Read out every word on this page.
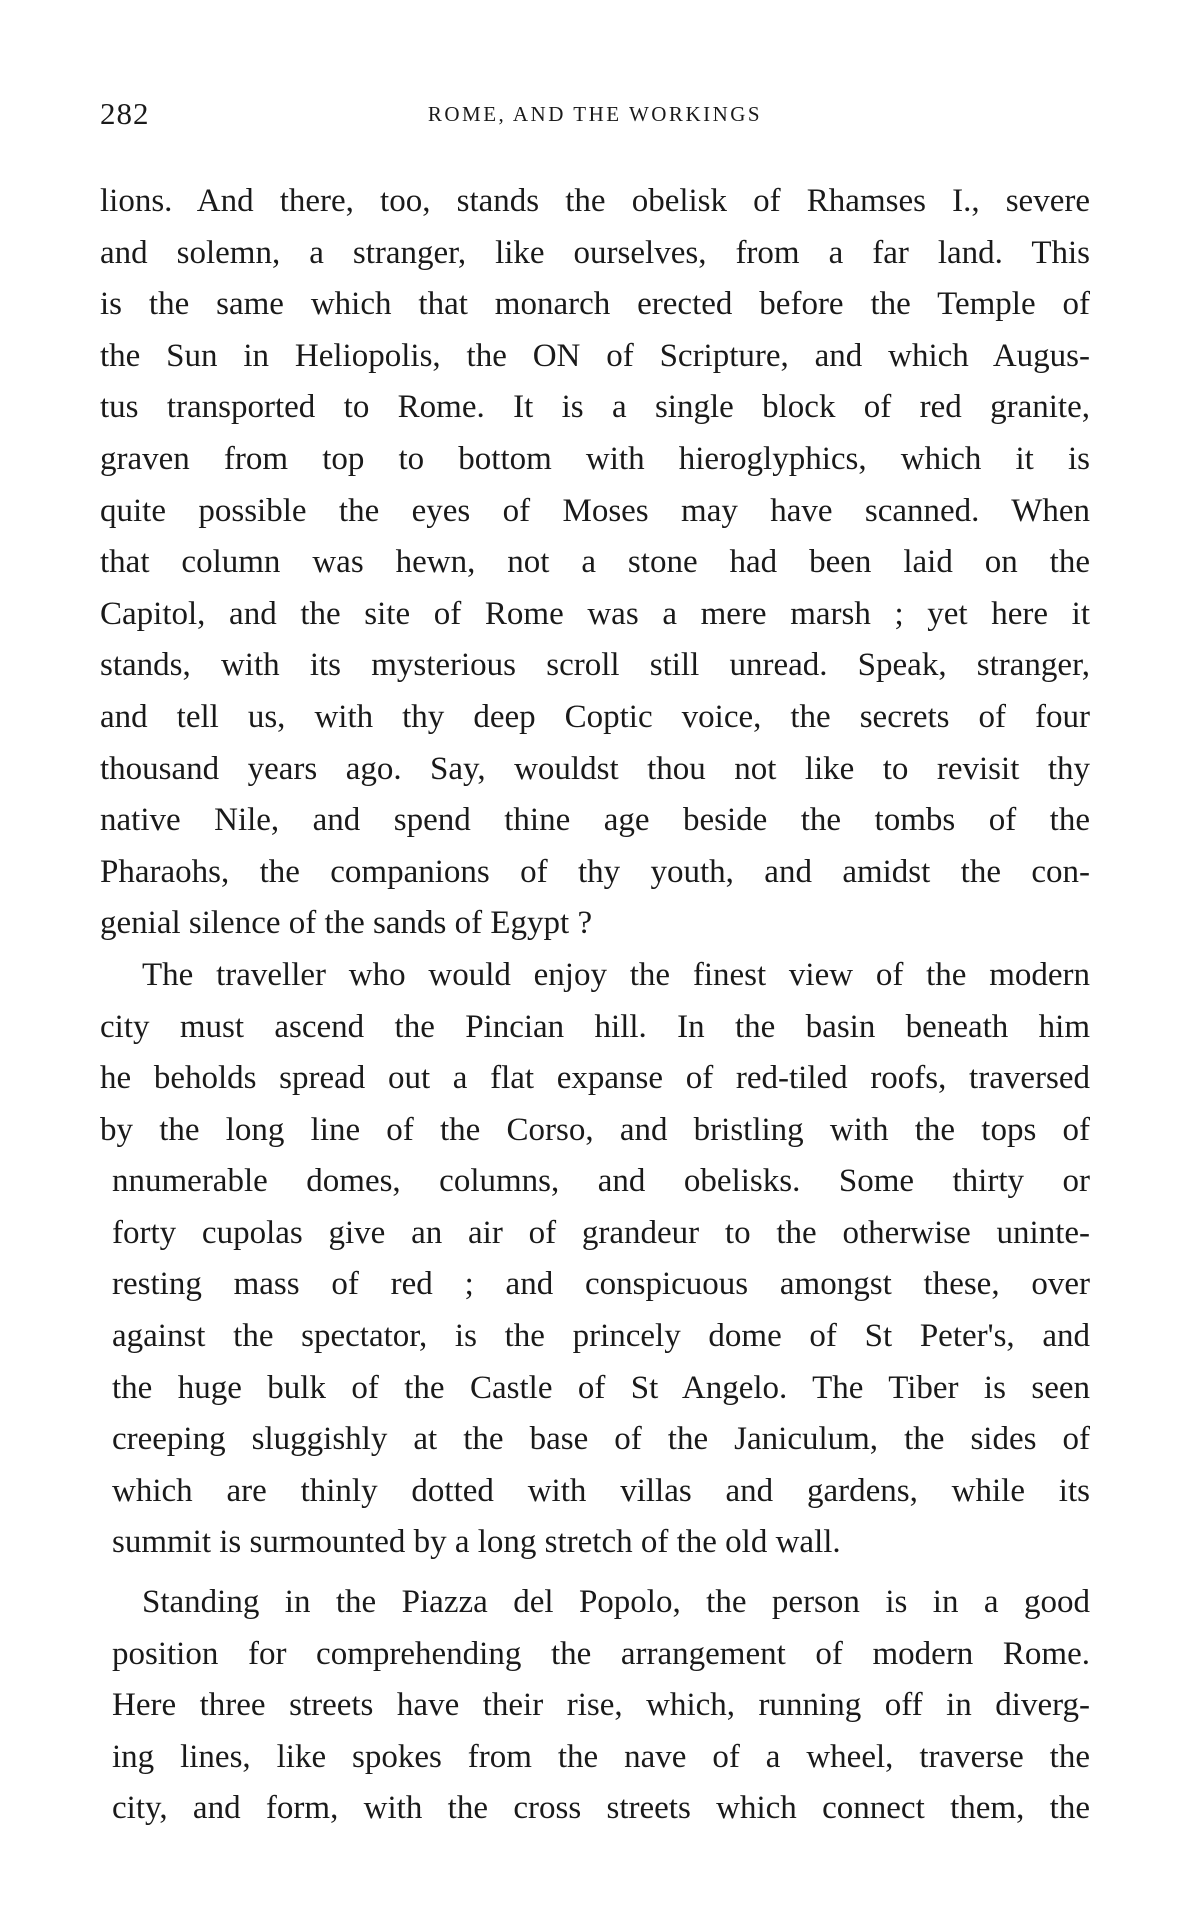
282	ROME, AND THE WORKINGS
lions. And there, too, stands the obelisk of Rhamses I., severe
and solemn, a stranger, like ourselves, from a far land. This
is the same which that monarch erected before the Temple of
the Sun in Heliopolis, the ON of Scripture, and which Augus-
tus transported to Rome. It is a single block of red granite,
graven from top to bottom with hieroglyphics, which it is
quite possible the eyes of Moses may have scanned. When
that column was hewn, not a stone had been laid on the
Capitol, and the site of Rome was a mere marsh ; yet here it
stands, with its mysterious scroll still unread. Speak, stranger,
and tell us, with thy deep Coptic voice, the secrets of four
thousand years ago. Say, wouldst thou not like to revisit thy
native Nile, and spend thine age beside the tombs of the
Pharaohs, the companions of thy youth, and amidst the con-
genial silence of the sands of Egypt ?
The traveller who would enjoy the finest view of the modern
city must ascend the Pincian hill. In the basin beneath him
he beholds spread out a flat expanse of red-tiled roofs, traversed
by the long line of the Corso, and bristling with the tops of
nnumerable domes, columns, and obelisks. Some thirty or
forty cupolas give an air of grandeur to the otherwise uninte-
resting mass of red ; and conspicuous amongst these, over
against the spectator, is the princely dome of St Peter's, and
the huge bulk of the Castle of St Angelo. The Tiber is seen
creeping sluggishly at the base of the Janiculum, the sides of
which are thinly dotted with villas and gardens, while its
summit is surmounted by a long stretch of the old wall.
Standing in the Piazza del Popolo, the person is in a good
position for comprehending the arrangement of modern Rome.
Here three streets have their rise, which, running off in diverg-
ing lines, like spokes from the nave of a wheel, traverse the
city, and form, with the cross streets which connect them, the
